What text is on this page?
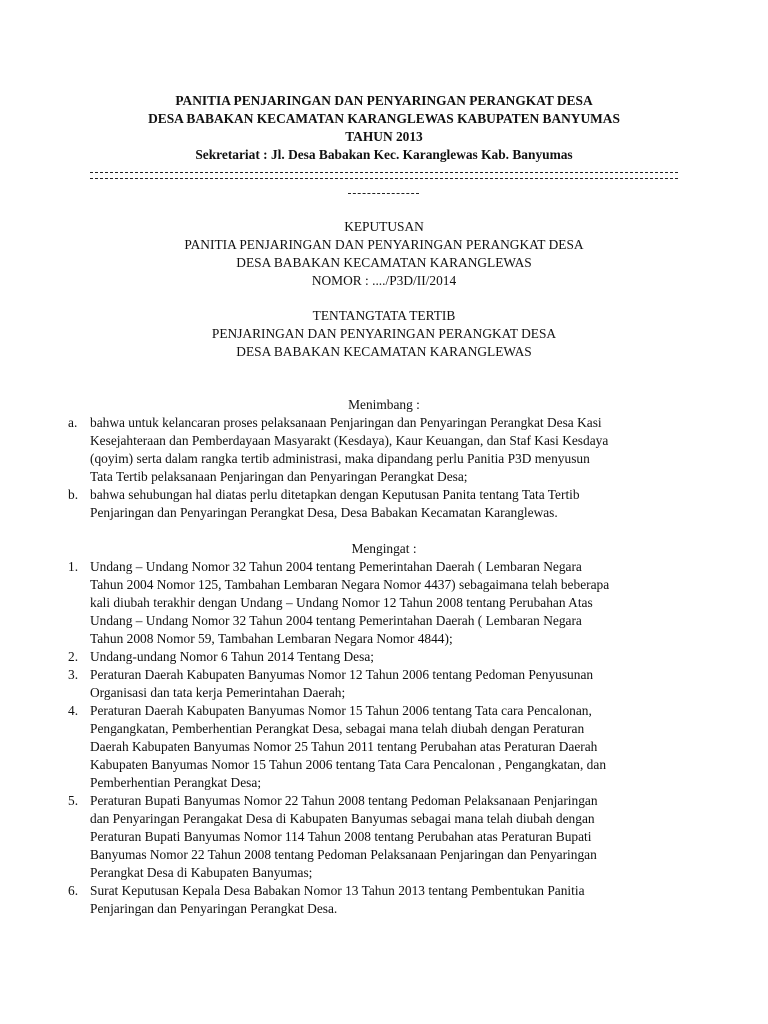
PANITIA PENJARINGAN DAN PENYARINGAN PERANGKAT DESA
DESA BABAKAN KECAMATAN KARANGLEWAS KABUPATEN BANYUMAS
TAHUN 2013
Sekretariat : Jl. Desa Babakan Kec. Karanglewas Kab. Banyumas
KEPUTUSAN
PANITIA PENJARINGAN DAN PENYARINGAN PERANGKAT DESA
DESA BABAKAN KECAMATAN KARANGLEWAS
NOMOR : ..../P3D/II/2014
TENTANGTATA TERTIB
PENJARINGAN DAN PENYARINGAN PERANGKAT DESA
DESA BABAKAN KECAMATAN KARANGLEWAS
Menimbang :
a. bahwa untuk kelancaran proses pelaksanaan Penjaringan dan Penyaringan Perangkat Desa Kasi
Kesejahteraan dan Pemberdayaan Masyarakt (Kesdaya), Kaur Keuangan, dan Staf Kasi Kesdaya
(qoyim) serta dalam rangka tertib administrasi, maka dipandang perlu Panitia P3D menyusun
Tata Tertib pelaksanaan Penjaringan dan Penyaringan Perangkat Desa;
b. bahwa sehubungan hal diatas perlu ditetapkan dengan Keputusan Panita tentang Tata Tertib
Penjaringan dan Penyaringan Perangkat Desa, Desa Babakan Kecamatan Karanglewas.
Mengingat :
1. Undang – Undang Nomor 32 Tahun 2004 tentang Pemerintahan Daerah ( Lembaran Negara
Tahun 2004 Nomor 125, Tambahan Lembaran Negara Nomor 4437) sebagaimana telah beberapa
kali diubah terakhir dengan Undang – Undang Nomor 12 Tahun 2008 tentang Perubahan Atas
Undang – Undang Nomor 32 Tahun 2004 tentang Pemerintahan Daerah ( Lembaran Negara
Tahun 2008 Nomor 59, Tambahan Lembaran Negara Nomor 4844);
2. Undang-undang Nomor 6 Tahun 2014 Tentang Desa;
3. Peraturan Daerah Kabupaten Banyumas Nomor 12 Tahun 2006 tentang Pedoman Penyusunan
Organisasi dan tata kerja Pemerintahan Daerah;
4. Peraturan Daerah Kabupaten Banyumas Nomor 15 Tahun 2006 tentang Tata cara Pencalonan,
Pengangkatan, Pemberhentian Perangkat Desa, sebagai mana telah diubah dengan Peraturan
Daerah Kabupaten Banyumas Nomor 25 Tahun 2011 tentang Perubahan atas Peraturan Daerah
Kabupaten Banyumas Nomor 15 Tahun 2006 tentang Tata Cara Pencalonan , Pengangkatan, dan
Pemberhentian Perangkat Desa;
5. Peraturan Bupati Banyumas Nomor 22 Tahun 2008 tentang Pedoman Pelaksanaan Penjaringan
dan Penyaringan Perangakat Desa di Kabupaten Banyumas sebagai mana telah diubah dengan
Peraturan Bupati Banyumas Nomor 114 Tahun 2008 tentang Perubahan atas Peraturan Bupati
Banyumas Nomor 22 Tahun 2008 tentang Pedoman Pelaksanaan Penjaringan dan Penyaringan
Perangkat Desa di Kabupaten Banyumas;
6. Surat Keputusan Kepala Desa Babakan Nomor 13 Tahun 2013 tentang Pembentukan Panitia
Penjaringan dan Penyaringan Perangkat Desa.
